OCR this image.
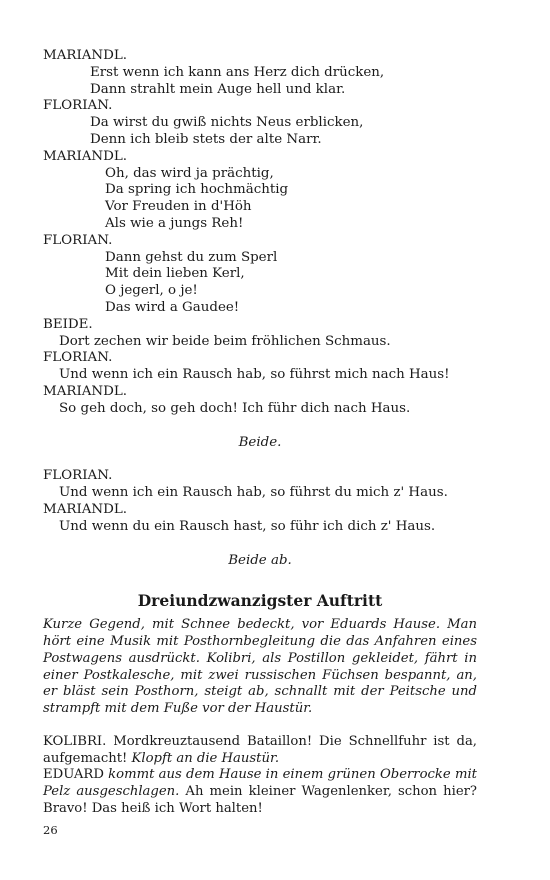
MARIANDL.
Erst wenn ich kann ans Herz dich drücken,
Dann strahlt mein Auge hell und klar.
FLORIAN.
Da wirst du gwiß nichts Neus erblicken,
Denn ich bleib stets der alte Narr.
MARIANDL.
Oh, das wird ja prächtig,
Da spring ich hochmächtig
Vor Freuden in d'Höh
Als wie a jungs Reh!
FLORIAN.
Dann gehst du zum Sperl
Mit dein lieben Kerl,
O jegerl, o je!
Das wird a Gaudee!
BEIDE.
Dort zechen wir beide beim fröhlichen Schmaus.
FLORIAN.
Und wenn ich ein Rausch hab, so führst mich nach Haus!
MARIANDL.
So geh doch, so geh doch! Ich führ dich nach Haus.
Beide.
FLORIAN.
Und wenn ich ein Rausch hab, so führst du mich z' Haus.
MARIANDL.
Und wenn du ein Rausch hast, so führ ich dich z' Haus.
Beide ab.
Dreiundzwanzigster Auftritt
Kurze Gegend, mit Schnee bedeckt, vor Eduards Hause. Man hört eine Musik mit Posthornbegleitung die das Anfahren eines Postwagens ausdrückt. Kolibri, als Postillon gekleidet, fährt in einer Postkalesche, mit zwei russischen Füchsen bespannt, an, er bläst sein Posthorn, steigt ab, schnallt mit der Peitsche und strampft mit dem Fuße vor der Haustür.
KOLIBRI. Mordkreuztausend Bataillon! Die Schnellfuhr ist da, aufgemacht! Klopft an die Haustür.
EDUARD kommt aus dem Hause in einem grünen Oberrocke mit Pelz ausgeschlagen. Ah mein kleiner Wagenlenker, schon hier? Bravo! Das heiß ich Wort halten!
26
